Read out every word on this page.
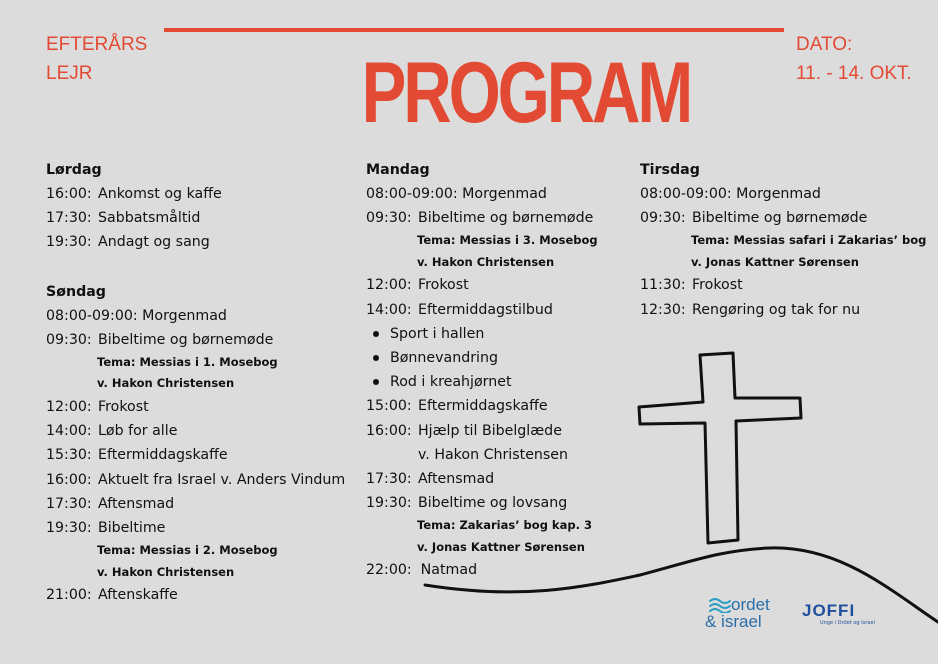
EFTERÅRS
LEJR	PROGRAM
DATO:
11. - 14. OKT.
Lørdag
16:00: Ankomst og kaffe
17:30: Sabbatsmåltid
19:30: Andagt og sang
Søndag
08:00-09:00: Morgenmad
09:30: Bibeltime og børnemøde
Tema: Messias i 1. Mosebog
v. Hakon Christensen
12:00: Frokost
14:00: Løb for alle
15:30: Eftermiddagskaffe
16:00: Aktuelt fra Israel v. Anders Vindum
17:30: Aftensmad
19:30: Bibeltime
Tema: Messias i 2. Mosebog
v. Hakon Christensen
21:00: Aftenskaffe
Mandag
08:00-09:00: Morgenmad
09:30: Bibeltime og børnemøde
Tema: Messias i 3. Mosebog
v. Hakon Christensen
12:00: Frokost
14:00: Eftermiddagstilbud
Sport i hallen
Bønnevandring
Rod i kreahjørnet
15:00: Eftermiddagskaffe
16:00: Hjælp til Bibelglæde
v. Hakon Christensen
17:30: Aftensmad
19:30: Bibeltime og lovsang
Tema: Zakarias’ bog kap. 3
v. Jonas Kattner Sørensen
22:00:  Natmad
Tirsdag
08:00-09:00: Morgenmad
09:30: Bibeltime og børnemøde
Tema: Messias safari i Zakarias’ bog
v. Jonas Kattner Sørensen
11:30: Frokost
12:30: Rengøring og tak for nu
ordet
& israel
JOFFI
Unge i Ordet og Israel
